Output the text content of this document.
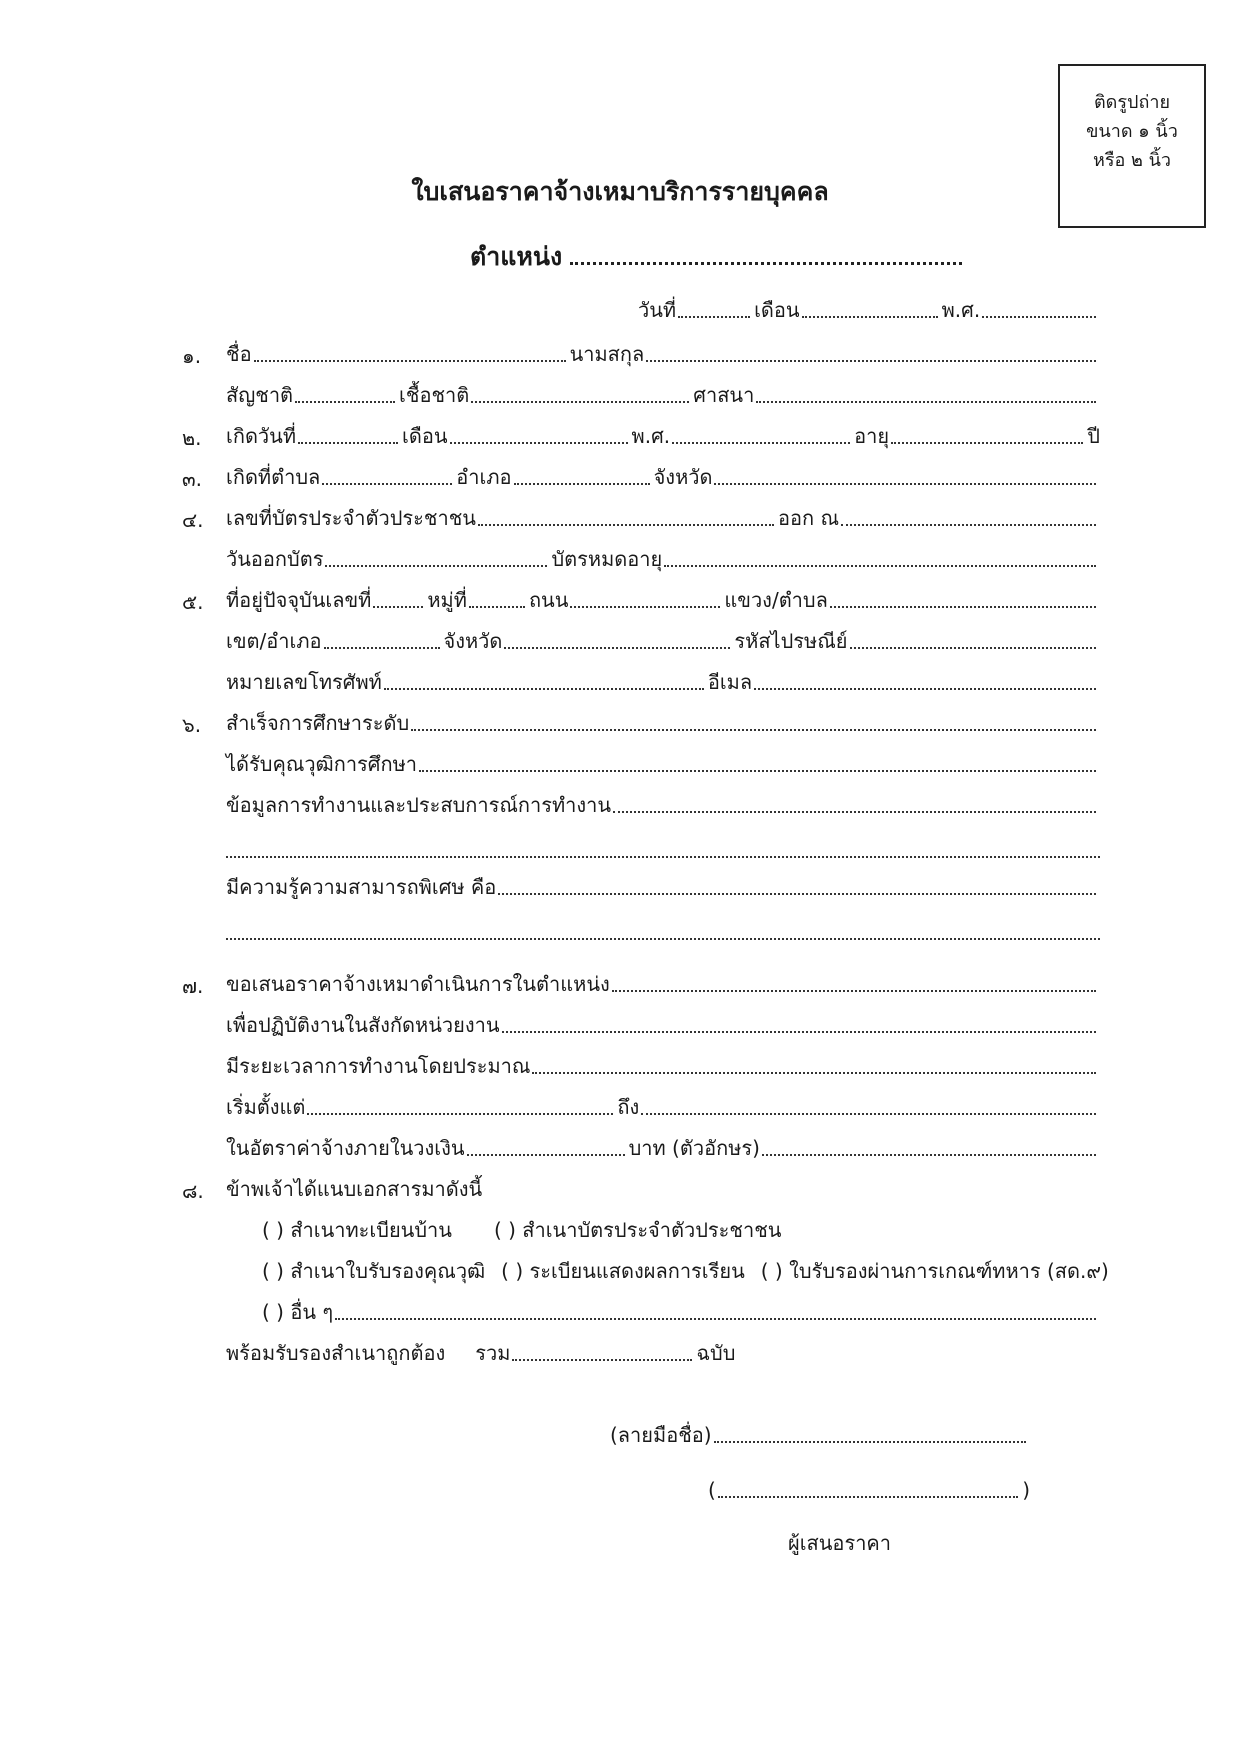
ติดรูปถ่าย
ขนาด ๑ นิ้ว
หรือ ๒ นิ้ว
ใบเสนอราคาจ้างเหมาบริการรายบุคคล
ตำแหน่ง
วันที่	เดือน	พ.ศ.
๑.	ชื่อ	นามสกุล
สัญชาติ	เชื้อชาติ	ศาสนา
๒.	เกิดวันที่	เดือน	พ.ศ.	อายุ	ปี
๓.	เกิดที่ตำบล	อำเภอ	จังหวัด
๔.	เลขที่บัตรประจำตัวประชาชน	ออก ณ
วันออกบัตร	บัตรหมดอายุ
๕.	ที่อยู่ปัจจุบันเลขที่	หมู่ที่	ถนน	แขวง/ตำบล
เขต/อำเภอ	จังหวัด	รหัสไปรษณีย์
หมายเลขโทรศัพท์	อีเมล
๖.	สำเร็จการศึกษาระดับ
ได้รับคุณวุฒิการศึกษา
ข้อมูลการทำงานและประสบการณ์การทำงาน
มีความรู้ความสามารถพิเศษ คือ
๗.	ขอเสนอราคาจ้างเหมาดำเนินการในตำแหน่ง
เพื่อปฏิบัติงานในสังกัดหน่วยงาน
มีระยะเวลาการทำงานโดยประมาณ
เริ่มตั้งแต่	ถึง
ในอัตราค่าจ้างภายในวงเงิน	บาท (ตัวอักษร)
๘.	ข้าพเจ้าได้แนบเอกสารมาดังนี้
( ) สำเนาทะเบียนบ้าน ( ) สำเนาบัตรประจำตัวประชาชน
( ) สำเนาใบรับรองคุณวุฒิ ( ) ระเบียนแสดงผลการเรียน ( ) ใบรับรองผ่านการเกณฑ์ทหาร (สด.๙)
( ) อื่น ๆ
พร้อมรับรองสำเนาถูกต้อง รวม	ฉบับ
(ลายมือชื่อ)
(	)
ผู้เสนอราคา
